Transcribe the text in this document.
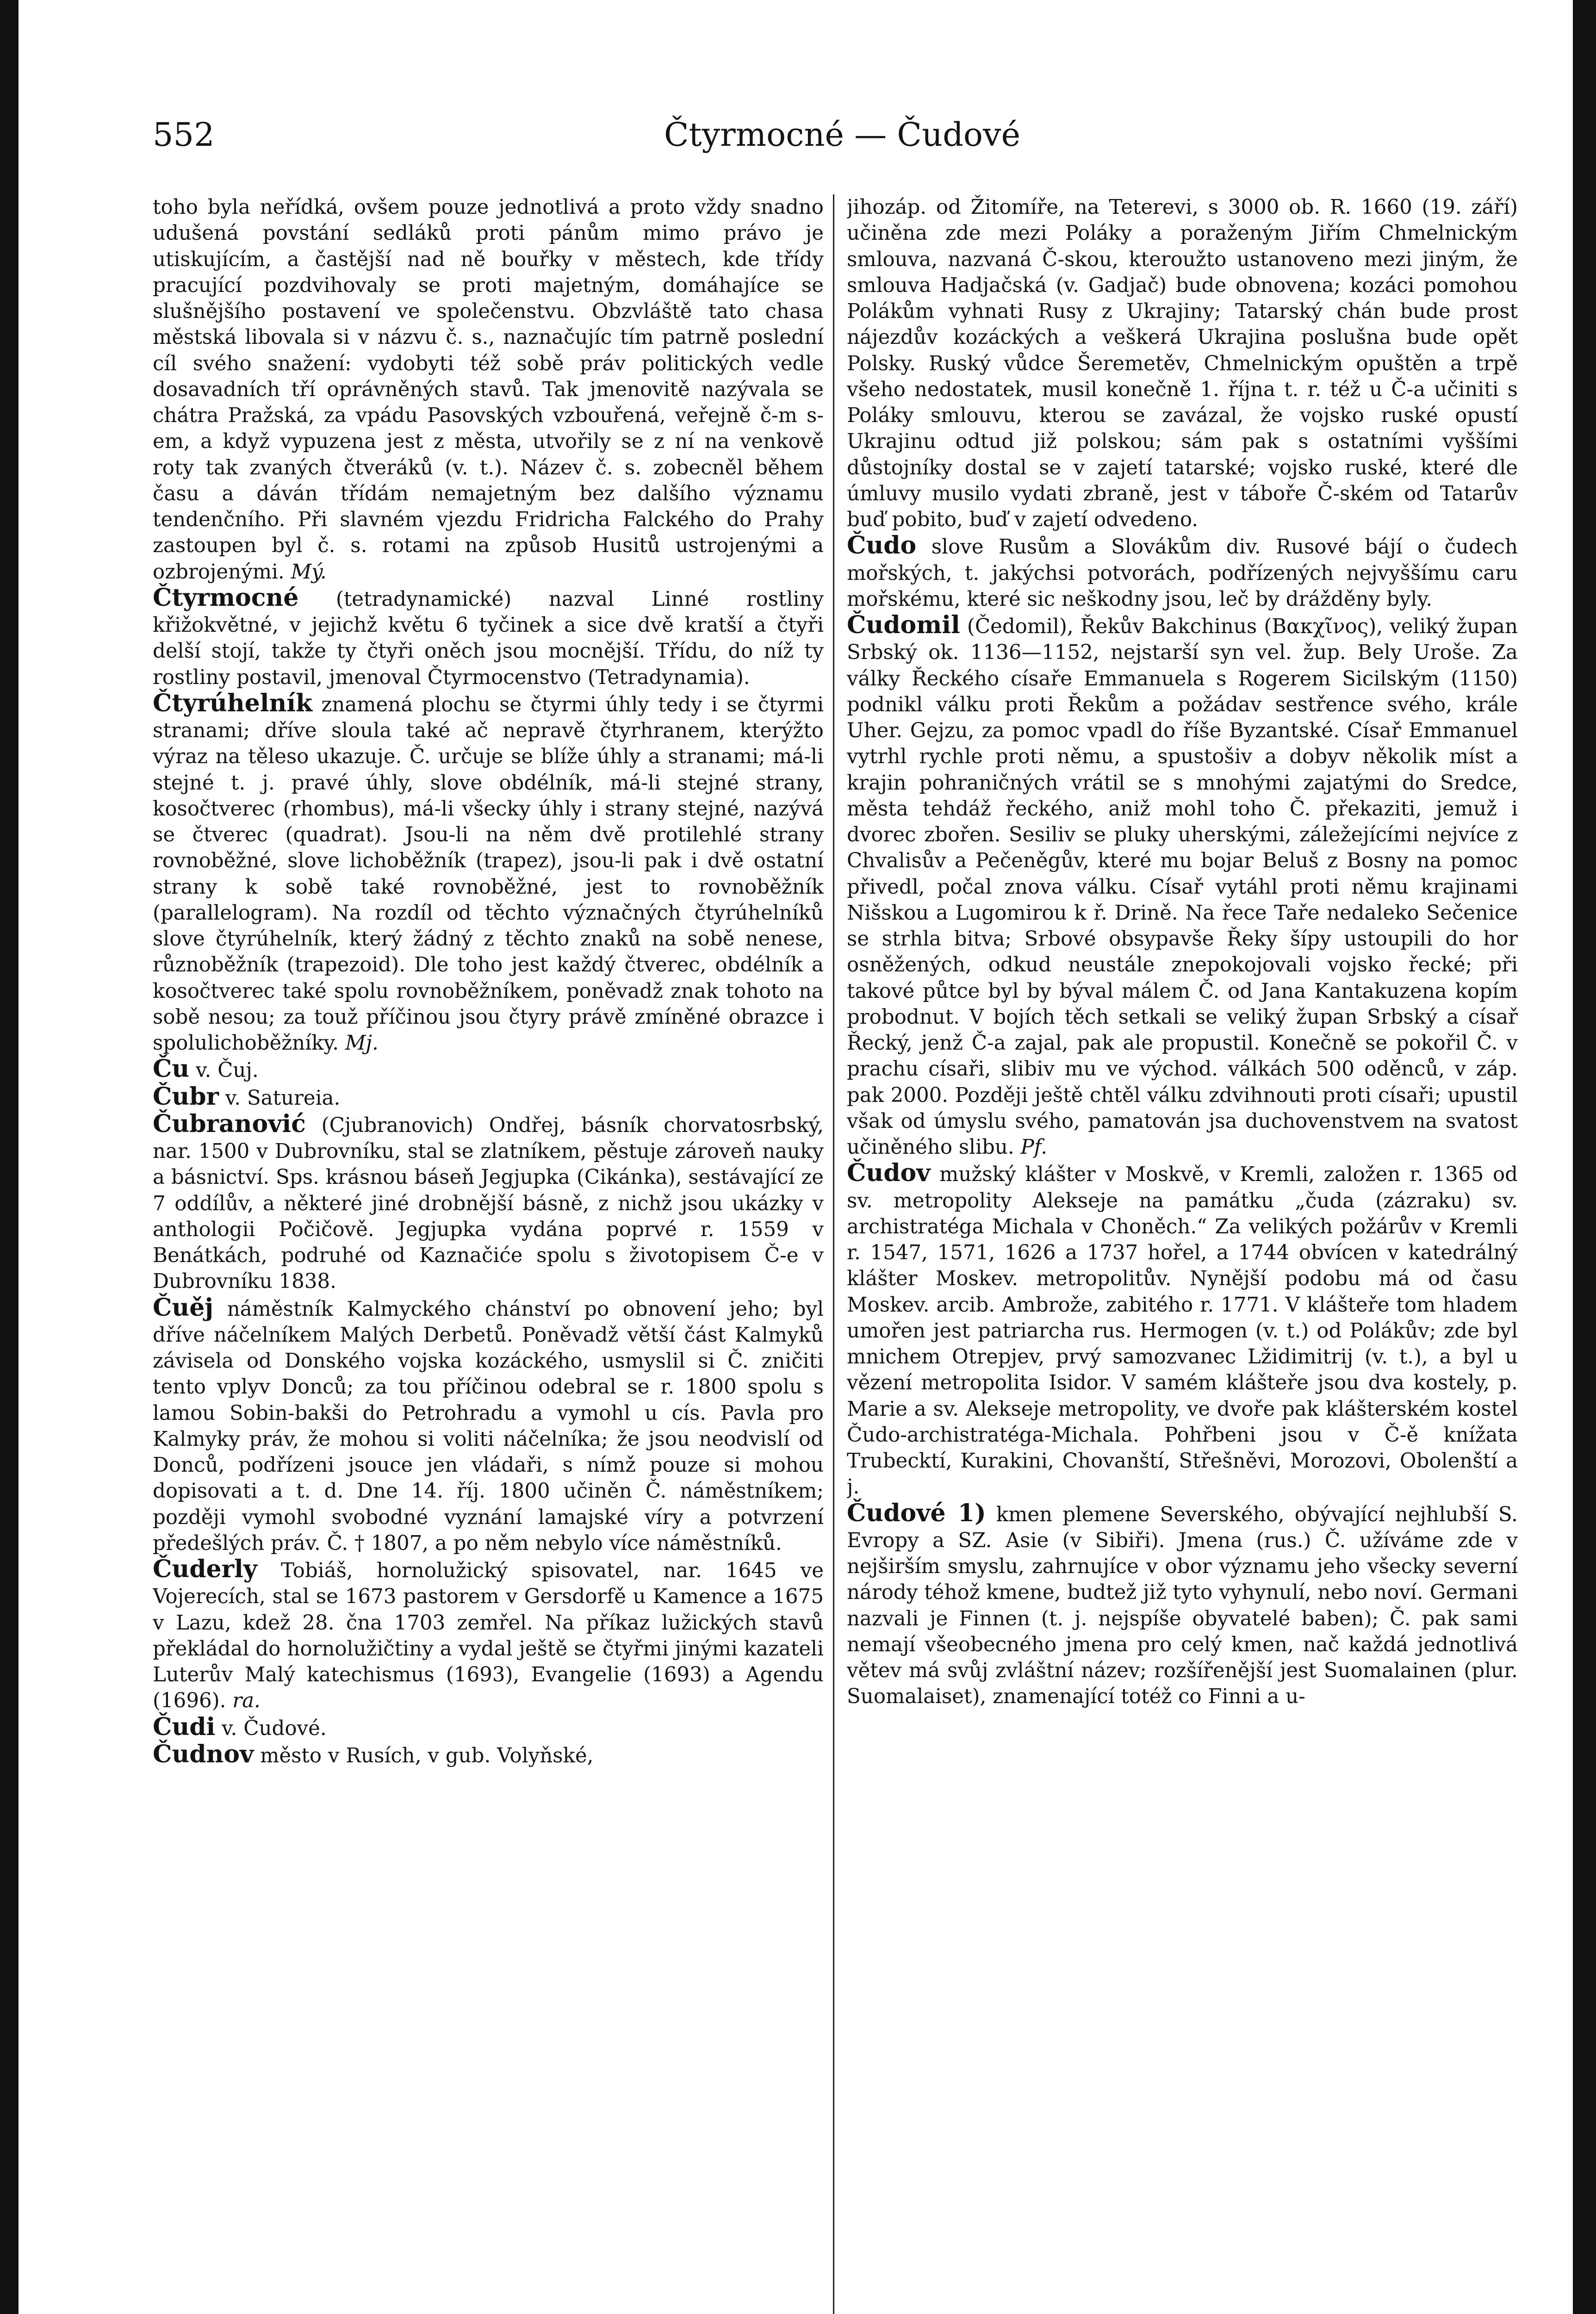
552	Čtyrmocné — Čudové

toho byla neřídká, ovšem pouze jednotlivá a proto vždy snadno udušená povstání sedláků proti pánům mimo právo je utiskujícím, a častější nad ně bouřky v městech, kde třídy pracující pozdvihovaly se proti majetným, domáhajíce se slušnějšího postavení ve společenstvu. Obzvláště tato chasa městská libovala si v názvu č. s., naznačujíc tím patrně poslední cíl svého snažení: vydobyti též sobě práv politických vedle dosavadních tří oprávněných stavů. Tak jmenovitě nazývala se chátra Pražská, za vpádu Pasovských vzbouřená, veřejně č-m s-em, a když vypuzena jest z města, utvořily se z ní na venkově roty tak zvaných čtveráků (v. t.). Název č. s. zobecněl během času a dáván třídám nemajetným bez dalšího významu tendenčního. Při slavném vjezdu Fridricha Falckého do Prahy zastoupen byl č. s. rotami na způsob Husitů ustrojenými a ozbrojenými. Mý.

Čtyrmocné (tetradynamické) nazval Linné rostliny křižokvětné, v jejichž květu 6 tyčinek a sice dvě kratší a čtyři delší stojí, takže ty čtyři oněch jsou mocnější. Třídu, do níž ty rostliny postavil, jmenoval Čtyrmocenstvo (Tetradynamia).

Čtyrúhelník znamená plochu se čtyrmi úhly tedy i se čtyrmi stranami; dříve sloula také ač nepravě čtyrhranem, kterýžto výraz na těleso ukazuje. Č. určuje se blíže úhly a stranami; má-li stejné t. j. pravé úhly, slove obdélník, má-li stejné strany, kosočtverec (rhombus), má-li všecky úhly i strany stejné, nazývá se čtverec (quadrat). Jsou-li na něm dvě protilehlé strany rovnoběžné, slove lichoběžník (trapez), jsou-li pak i dvě ostatní strany k sobě také rovnoběžné, jest to rovnoběžník (parallelogram). Na rozdíl od těchto význačných čtyrúhelníků slove čtyrúhelník, který žádný z těchto znaků na sobě nenese, různoběžník (trapezoid). Dle toho jest každý čtverec, obdélník a kosočtverec také spolu rovnoběžníkem, poněvadž znak tohoto na sobě nesou; za touž příčinou jsou čtyry právě zmíněné obrazce i spolulichoběžníky. Mj.

Ču v. Čuj.

Čubr v. Satureia.

Čubranović (Cjubranovich) Ondřej, básník chorvatosrbský, nar. 1500 v Dubrovníku, stal se zlatníkem, pěstuje zároveň nauky a básnictví. Sps. krásnou báseň Jegjupka (Cikánka), sestávající ze 7 oddílův, a některé jiné drobnější básně, z nichž jsou ukázky v anthologii Počičově. Jegjupka vydána poprvé r. 1559 v Benátkách, podruhé od Kaznačiće spolu s životopisem Č-e v Dubrovníku 1838.

Čuěj náměstník Kalmyckého chánství po obnovení jeho; byl dříve náčelníkem Malých Derbetů. Poněvadž větší část Kalmyků závisela od Donského vojska kozáckého, usmyslil si Č. zničiti tento vplyv Donců; za tou příčinou odebral se r. 1800 spolu s lamou Sobin-bakši do Petrohradu a vymohl u cís. Pavla pro Kalmyky práv, že mohou si voliti náčelníka; že jsou neodvislí od Donců, podřízeni jsouce jen vládaři, s nímž pouze si mohou dopisovati a t. d. Dne 14. říj. 1800 učiněn Č. náměstníkem; později vymohl svobodné vyznání lamajské víry a potvrzení předešlých práv. Č. † 1807, a po něm nebylo více náměstníků.

Čuderly Tobiáš, hornolužický spisovatel, nar. 1645 ve Vojerecích, stal se 1673 pastorem v Gersdorfě u Kamence a 1675 v Lazu, kdež 28. čna 1703 zemřel. Na příkaz lužických stavů překládal do hornolužičtiny a vydal ještě se čtyřmi jinými kazateli Luterův Malý katechismus (1693), Evangelie (1693) a Agendu (1696). ra.

Čudi v. Čudové.

Čudnov město v Rusích, v gub. Volyňské,

jihozáp. od Žitomíře, na Teterevi, s 3000 ob. R. 1660 (19. září) učiněna zde mezi Poláky a poraženým Jiřím Chmelnickým smlouva, nazvaná Č-skou, kteroužto ustanoveno mezi jiným, že smlouva Hadjačská (v. Gadjač) bude obnovena; kozáci pomohou Polákům vyhnati Rusy z Ukrajiny; Tatarský chán bude prost nájezdův kozáckých a veškerá Ukrajina poslušna bude opět Polsky. Ruský vůdce Šeremetěv, Chmelnickým opuštěn a trpě všeho nedostatek, musil konečně 1. října t. r. též u Č-a učiniti s Poláky smlouvu, kterou se zavázal, že vojsko ruské opustí Ukrajinu odtud již polskou; sám pak s ostatními vyššími důstojníky dostal se v zajetí tatarské; vojsko ruské, které dle úmluvy musilo vydati zbraně, jest v táboře Č-ském od Tatarův buď pobito, buď v zajetí odvedeno.

Čudo slove Rusům a Slovákům div. Rusové bájí o čudech mořských, t. jakýchsi potvorách, podřízených nejvyššímu caru mořskému, které sic neškodny jsou, leč by drážděny byly.

Čudomil (Čedomil), Řekův Bakchinus (Βακχῖνος), veliký župan Srbský ok. 1136—1152, nejstarší syn vel. žup. Bely Uroše. Za války Řeckého císaře Emmanuela s Rogerem Sicilským (1150) podnikl válku proti Řekům a požádav sestřence svého, krále Uher. Gejzu, za pomoc vpadl do říše Byzantské. Císař Emmanuel vytrhl rychle proti němu, a spustošiv a dobyv několik míst a krajin pohraničných vrátil se s mnohými zajatými do Sredce, města tehdáž řeckého, aniž mohl toho Č. překaziti, jemuž i dvorec zbořen. Sesiliv se pluky uherskými, záležejícími nejvíce z Chvalisův a Pečeněgův, které mu bojar Beluš z Bosny na pomoc přivedl, počal znova válku. Císař vytáhl proti němu krajinami Nišskou a Lugomirou k ř. Drině. Na řece Taře nedaleko Sečenice se strhla bitva; Srbové obsypavše Řeky šípy ustoupili do hor osněžených, odkud neustále znepokojovali vojsko řecké; při takové půtce byl by býval málem Č. od Jana Kantakuzena kopím probodnut. V bojích těch setkali se veliký župan Srbský a císař Řecký, jenž Č-a zajal, pak ale propustil. Konečně se pokořil Č. v prachu císaři, slibiv mu ve východ. válkách 500 oděnců, v záp. pak 2000. Později ještě chtěl válku zdvihnouti proti císaři; upustil však od úmyslu svého, pamatován jsa duchovenstvem na svatost učiněného slibu. Pf.

Čudov mužský klášter v Moskvě, v Kremli, založen r. 1365 od sv. metropolity Alekseje na památku „čuda (zázraku) sv. archistratéga Michala v Choněch.“ Za velikých požárův v Kremli r. 1547, 1571, 1626 a 1737 hořel, a 1744 obvícen v katedrálný klášter Moskev. metropolitův. Nynější podobu má od času Moskev. arcib. Ambrože, zabitého r. 1771. V klášteře tom hladem umořen jest patriarcha rus. Hermogen (v. t.) od Polákův; zde byl mnichem Otrepjev, prvý samozvanec Lžidimitrij (v. t.), a byl u vězení metropolita Isidor. V samém klášteře jsou dva kostely, p. Marie a sv. Alekseje metropolity, ve dvoře pak klášterském kostel Čudo-archistratéga-Michala. Pohřbeni jsou v Č-ě knížata Trubecktí, Kurakini, Chovanští, Střešněvi, Morozovi, Obolenští a j.

Čudové 1) kmen plemene Severského, obývající nejhlubší S. Evropy a SZ. Asie (v Sibiři). Jmena (rus.) Č. užíváme zde v nejširším smyslu, zahrnujíce v obor významu jeho všecky severní národy téhož kmene, budtež již tyto vyhynulí, nebo noví. Germani nazvali je Finnen (t. j. nejspíše obyvatelé baben); Č. pak sami nemají všeobecného jmena pro celý kmen, nač každá jednotlivá větev má svůj zvláštní název; rozšířenější jest Suomalainen (plur. Suomalaiset), znamenající totéž co Finni a u-
